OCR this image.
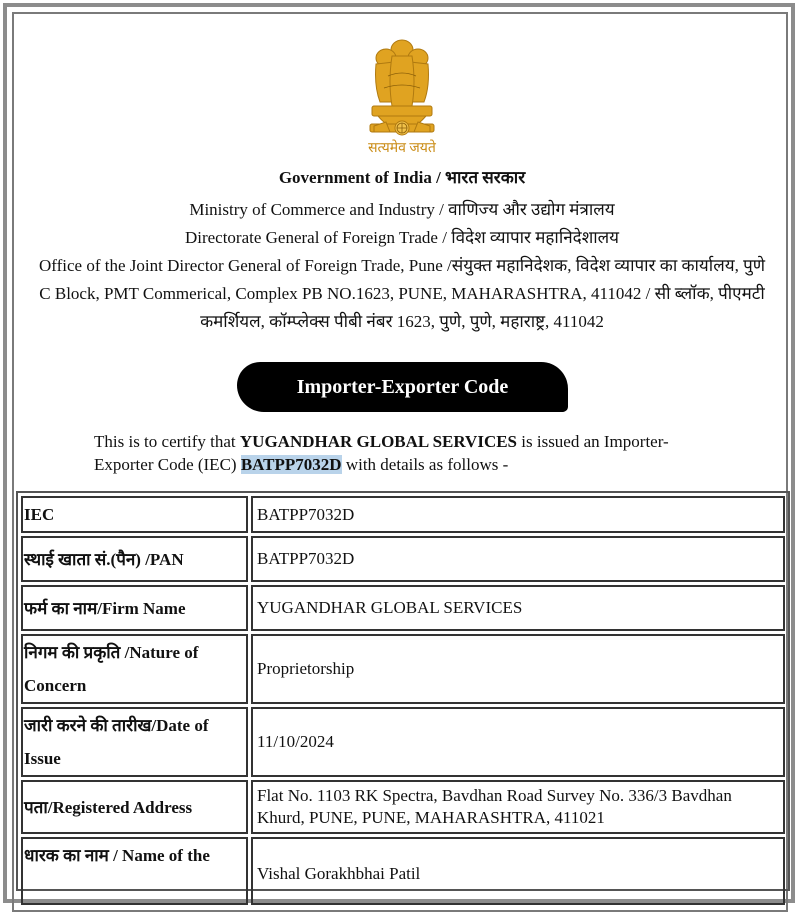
सत्यमेव जयते
Government of India / भारत सरकार
Ministry of Commerce and Industry / वाणिज्य और उद्योग मंत्रालय
Directorate General of Foreign Trade / विदेश व्यापार महानिदेशालय
Office of the Joint Director General of Foreign Trade, Pune /संयुक्त महानिदेशक, विदेश व्यापार का कार्यालय, पुणे
C Block, PMT Commerical, Complex PB NO.1623, PUNE, MAHARASHTRA, 411042 / सी ब्लॉक, पीएमटी
कमर्शियल, कॉम्प्लेक्स पीबी नंबर 1623, पुणे, पुणे, महाराष्ट्र, 411042
Importer-Exporter Code
This is to certify that YUGANDHAR GLOBAL SERVICES is issued an Importer-Exporter Code (IEC) BATPP7032D with details as follows -
IEC	BATPP7032D
स्थाई खाता सं.(पैन) /PAN	BATPP7032D
फर्म का नाम/Firm Name	YUGANDHAR GLOBAL SERVICES
निगम की प्रकृति /Nature of Concern	Proprietorship
जारी करने की तारीख/Date of Issue	11/10/2024
पता/Registered Address	Flat No. 1103 RK Spectra, Bavdhan Road Survey No. 336/3 Bavdhan Khurd, PUNE, PUNE, MAHARASHTRA, 411021
धारक का नाम / Name of the	Vishal Gorakhbhai Patil
